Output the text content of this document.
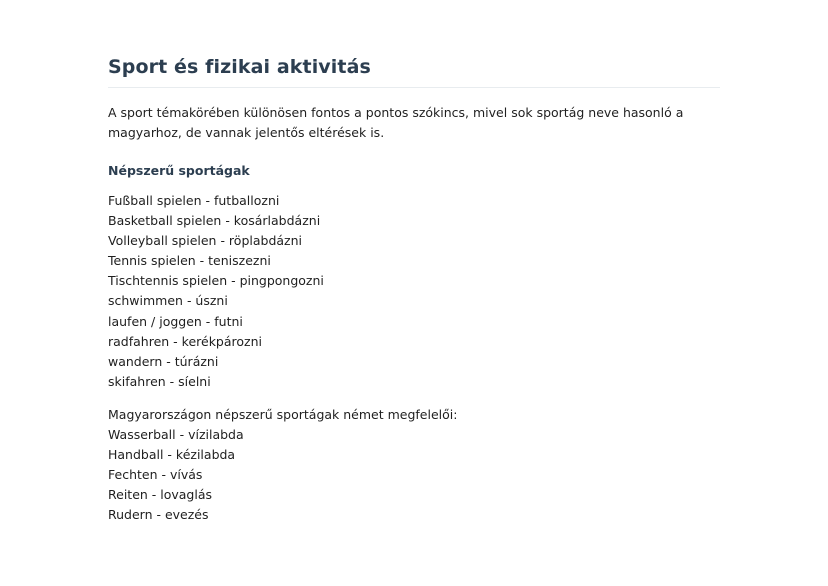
Sport és fizikai aktivitás

A sport témakörében különösen fontos a pontos szókincs, mivel sok sportág neve hasonló a magyarhoz, de vannak jelentős eltérések is.

Népszerű sportágak
Fußball spielen - futballozni
Basketball spielen - kosárlabdázni
Volleyball spielen - röplabdázni
Tennis spielen - teniszezni
Tischtennis spielen - pingpongozni
schwimmen - úszni
laufen / joggen - futni
radfahren - kerékpározni
wandern - túrázni
skifahren - síelni

Magyarországon népszerű sportágak német megfelelői:

Wasserball - vízilabda
Handball - kézilabda
Fechten - vívás
Reiten - lovaglás
Rudern - evezés
